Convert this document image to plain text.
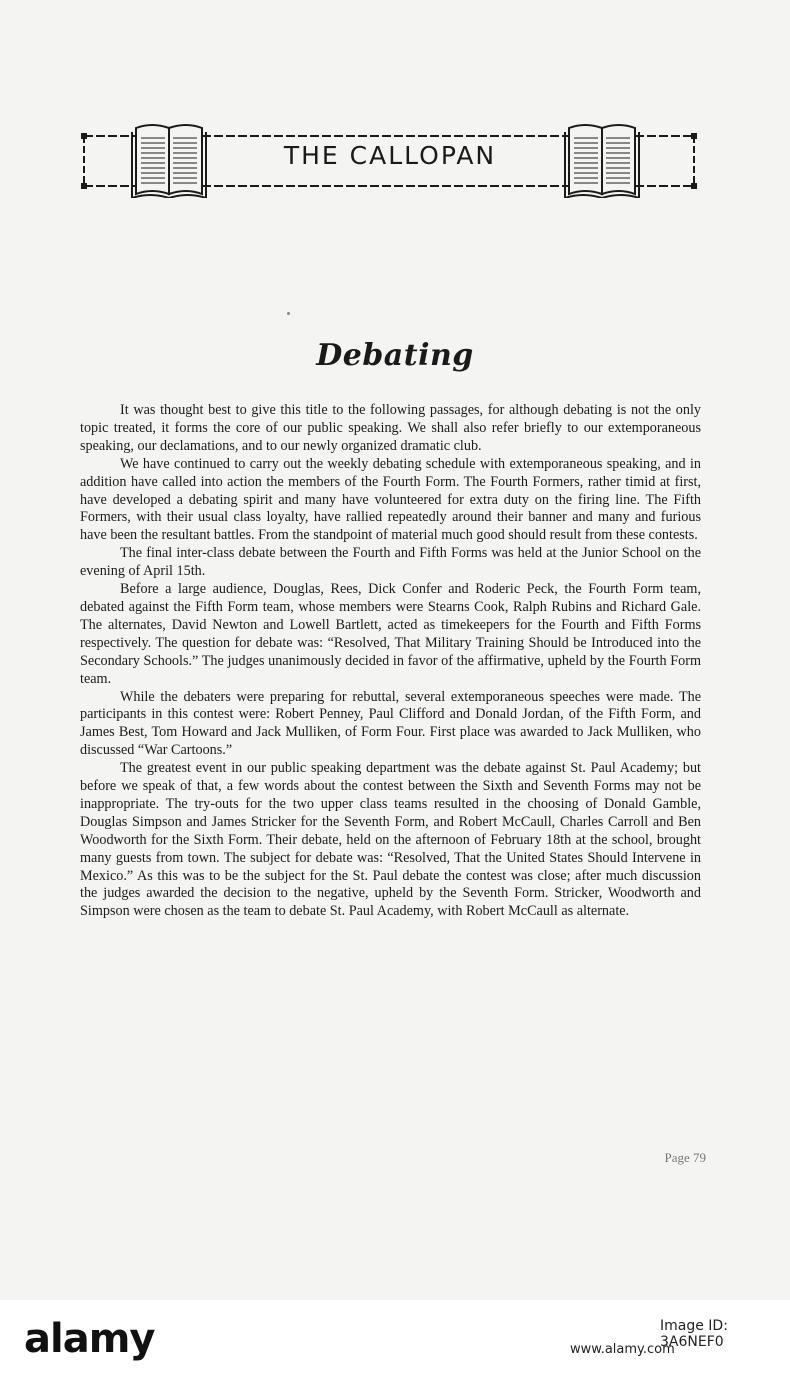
THE CALLOPAN
Debating

It was thought best to give this title to the following passages, for although debating is not the only topic treated, it forms the core of our public speaking. We shall also refer briefly to our extemporaneous speaking, our declamations, and to our newly organized dramatic club.

We have continued to carry out the weekly debating schedule with extemporaneous speaking, and in addition have called into action the members of the Fourth Form. The Fourth Formers, rather timid at first, have developed a debating spirit and many have volunteered for extra duty on the firing line. The Fifth Formers, with their usual class loyalty, have rallied repeatedly around their banner and many and furious have been the resultant battles. From the standpoint of material much good should result from these contests.

The final inter-class debate between the Fourth and Fifth Forms was held at the Junior School on the evening of April 15th.

Before a large audience, Douglas, Rees, Dick Confer and Roderic Peck, the Fourth Form team, debated against the Fifth Form team, whose members were Stearns Cook, Ralph Rubins and Richard Gale. The alternates, David Newton and Lowell Bartlett, acted as timekeepers for the Fourth and Fifth Forms respectively. The question for debate was: “Resolved, That Military Training Should be Introduced into the Secondary Schools.” The judges unanimously decided in favor of the affirmative, upheld by the Fourth Form team.

While the debaters were preparing for rebuttal, several extemporaneous speeches were made. The participants in this contest were: Robert Penney, Paul Clifford and Donald Jordan, of the Fifth Form, and James Best, Tom Howard and Jack Mulliken, of Form Four. First place was awarded to Jack Mulliken, who discussed “War Cartoons.”

The greatest event in our public speaking department was the debate against St. Paul Academy; but before we speak of that, a few words about the contest between the Sixth and Seventh Forms may not be inappropriate. The try-outs for the two upper class teams resulted in the choosing of Donald Gamble, Douglas Simpson and James Stricker for the Seventh Form, and Robert McCaull, Charles Carroll and Ben Woodworth for the Sixth Form. Their debate, held on the afternoon of February 18th at the school, brought many guests from town. The subject for debate was: “Resolved, That the United States Should Intervene in Mexico.” As this was to be the subject for the St. Paul debate the contest was close; after much discussion the judges awarded the decision to the negative, upheld by the Seventh Form. Stricker, Woodworth and Simpson were chosen as the team to debate St. Paul Academy, with Robert McCaull as alternate.

Page 79
alamy	Image ID: 3A6NEF0
www.alamy.com
